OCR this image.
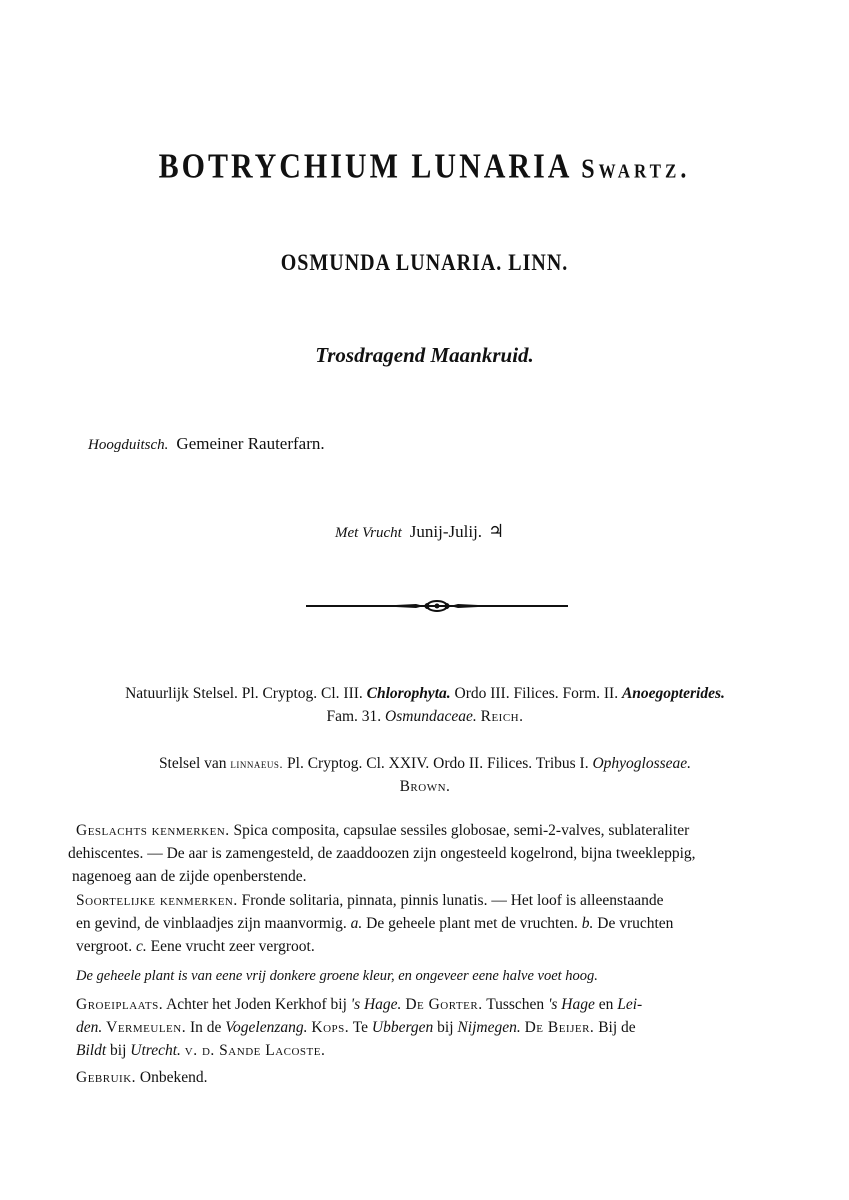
BOTRYCHIUM LUNARIA Swartz.
OSMUNDA LUNARIA. LINN.
Trosdragend Maankruid.
Hoogduitsch. Gemeiner Rauterfarn.
Met Vrucht Junij-Julij. ♃
Natuurlijk Stelsel. Pl. Cryptog. Cl. III. Chlorophyta. Ordo III. Filices. Form. II. Anoegopterides.
Fam. 31. Osmundaceae. Reich.
Stelsel van linnaeus. Pl. Cryptog. Cl. XXIV. Ordo II. Filices. Tribus I. Ophyoglosseae.
Brown.
Geslachts kenmerken. Spica composita, capsulae sessiles globosae, semi-2-valves, sublateraliter
dehiscentes. — De aar is zamengesteld, de zaaddoozen zijn ongesteeld kogelrond, bijna tweekleppig,
nagenoeg aan de zijde openberstende.
Soortelijke kenmerken. Fronde solitaria, pinnata, pinnis lunatis. — Het loof is alleenstaande
en gevind, de vinblaadjes zijn maanvormig. a. De geheele plant met de vruchten. b. De vruchten
vergroot. c. Eene vrucht zeer vergroot.
De geheele plant is van eene vrij donkere groene kleur, en ongeveer eene halve voet hoog.
Groeiplaats. Achter het Joden Kerkhof bij 's Hage. De Gorter. Tusschen 's Hage en Lei-
den. Vermeulen. In de Vogelenzang. Kops. Te Ubbergen bij Nijmegen. De Beijer. Bij de
Bildt bij Utrecht. v. d. Sande Lacoste.
Gebruik. Onbekend.
